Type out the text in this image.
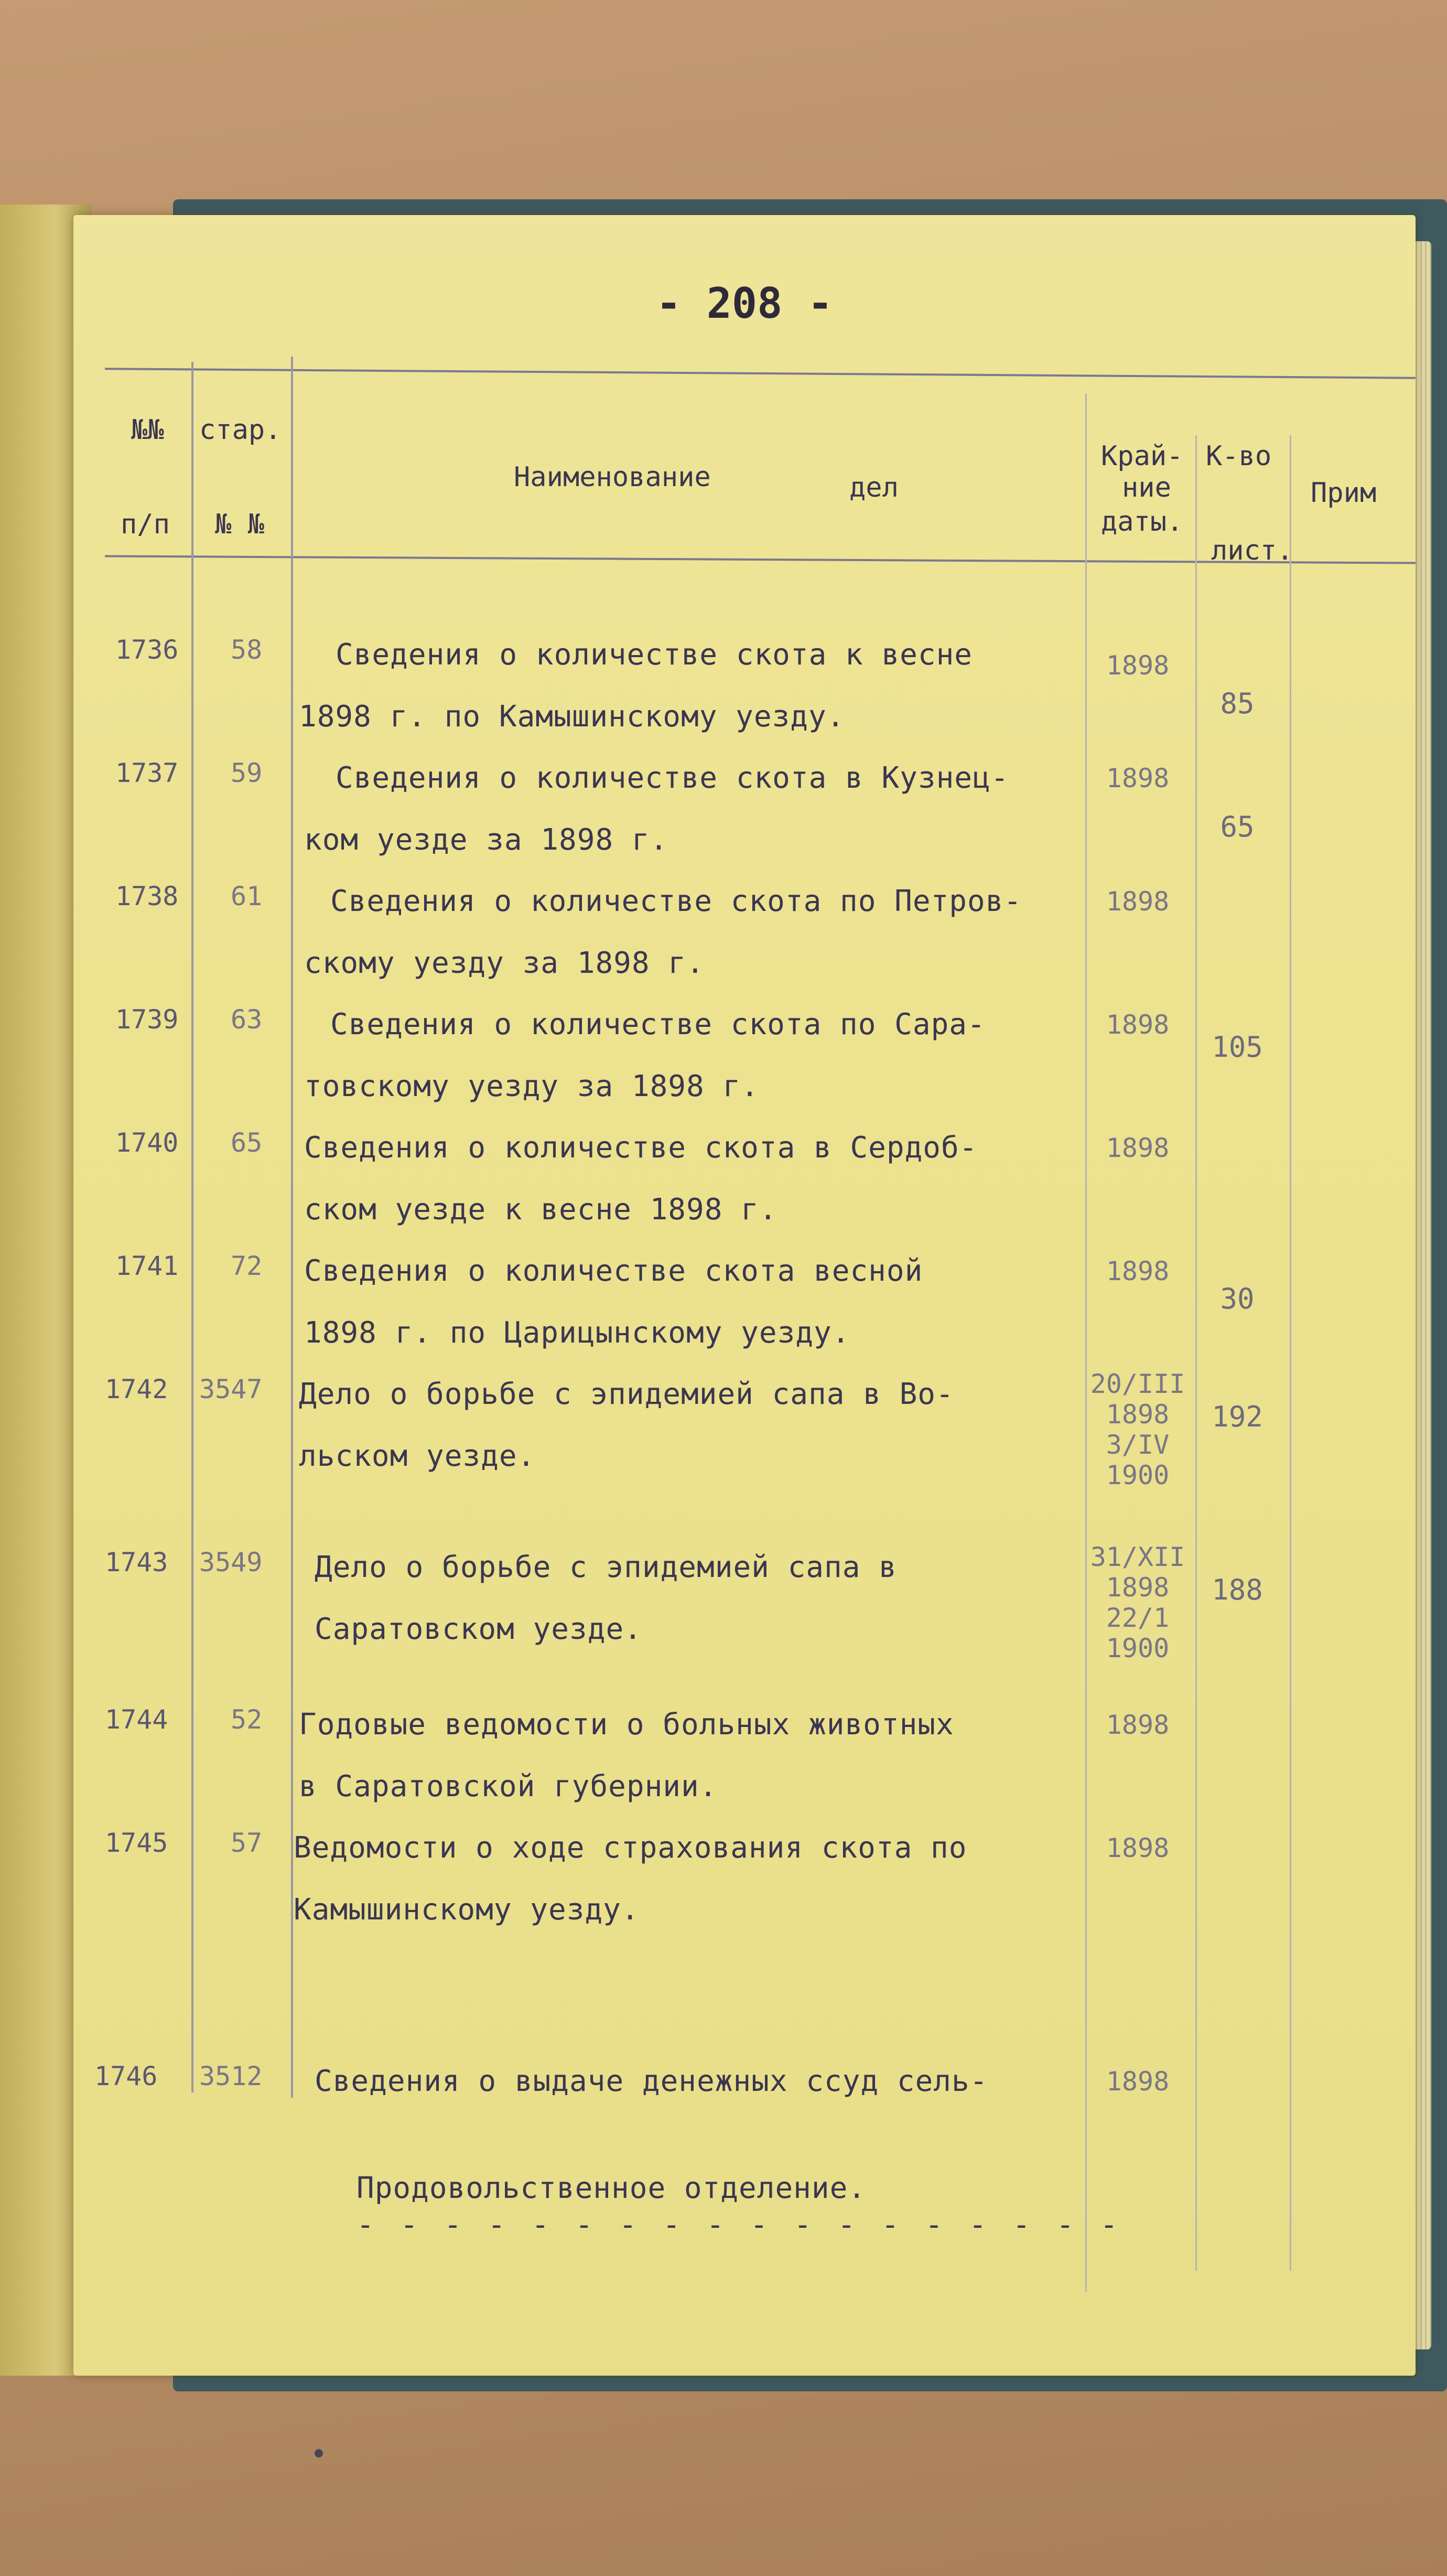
- 208 -
№№
п/п
стар.
№ №
Наименование	дел
Край-
ние
даты.
К-во
лист.
Прим
1736 58 Сведения о количестве скота к весне
1898 г. по Камышинскому уезду.
1898
85
1737 59 Сведения о количестве скота в Кузнец-
ком уезде за 1898 г.
1898
65
1738 61 Сведения о количестве скота по Петров-
скому уезду за 1898 г.
1898
1739 63 Сведения о количестве скота по Сара-
товскому уезду за 1898 г.
1898
105
1740 65 Сведения о количестве скота в Сердоб-
ском уезде к весне 1898 г.
1898
1741 72 Сведения о количестве скота весной
1898 г. по Царицынскому уезду.
1898
30
1742 3547 Дело о борьбе с эпидемией сапа в Во-
льском уезде.
20/III
1898
3/IV
1900
192
1743 3549 Дело о борьбе с эпидемией сапа в
Саратовском уезде.
31/XII
1898
22/1
1900
188
1744 52 Годовые ведомости о больных животных
в Саратовской губернии.
1898
1745 57 Ведомости о ходе страхования скота по
Камышинскому уезду.
1898
Продовольственное отделение.
- - - - - - - - - - - - - - - - - -
1746 3512 Сведения о выдаче денежных ссуд сель-	1898
